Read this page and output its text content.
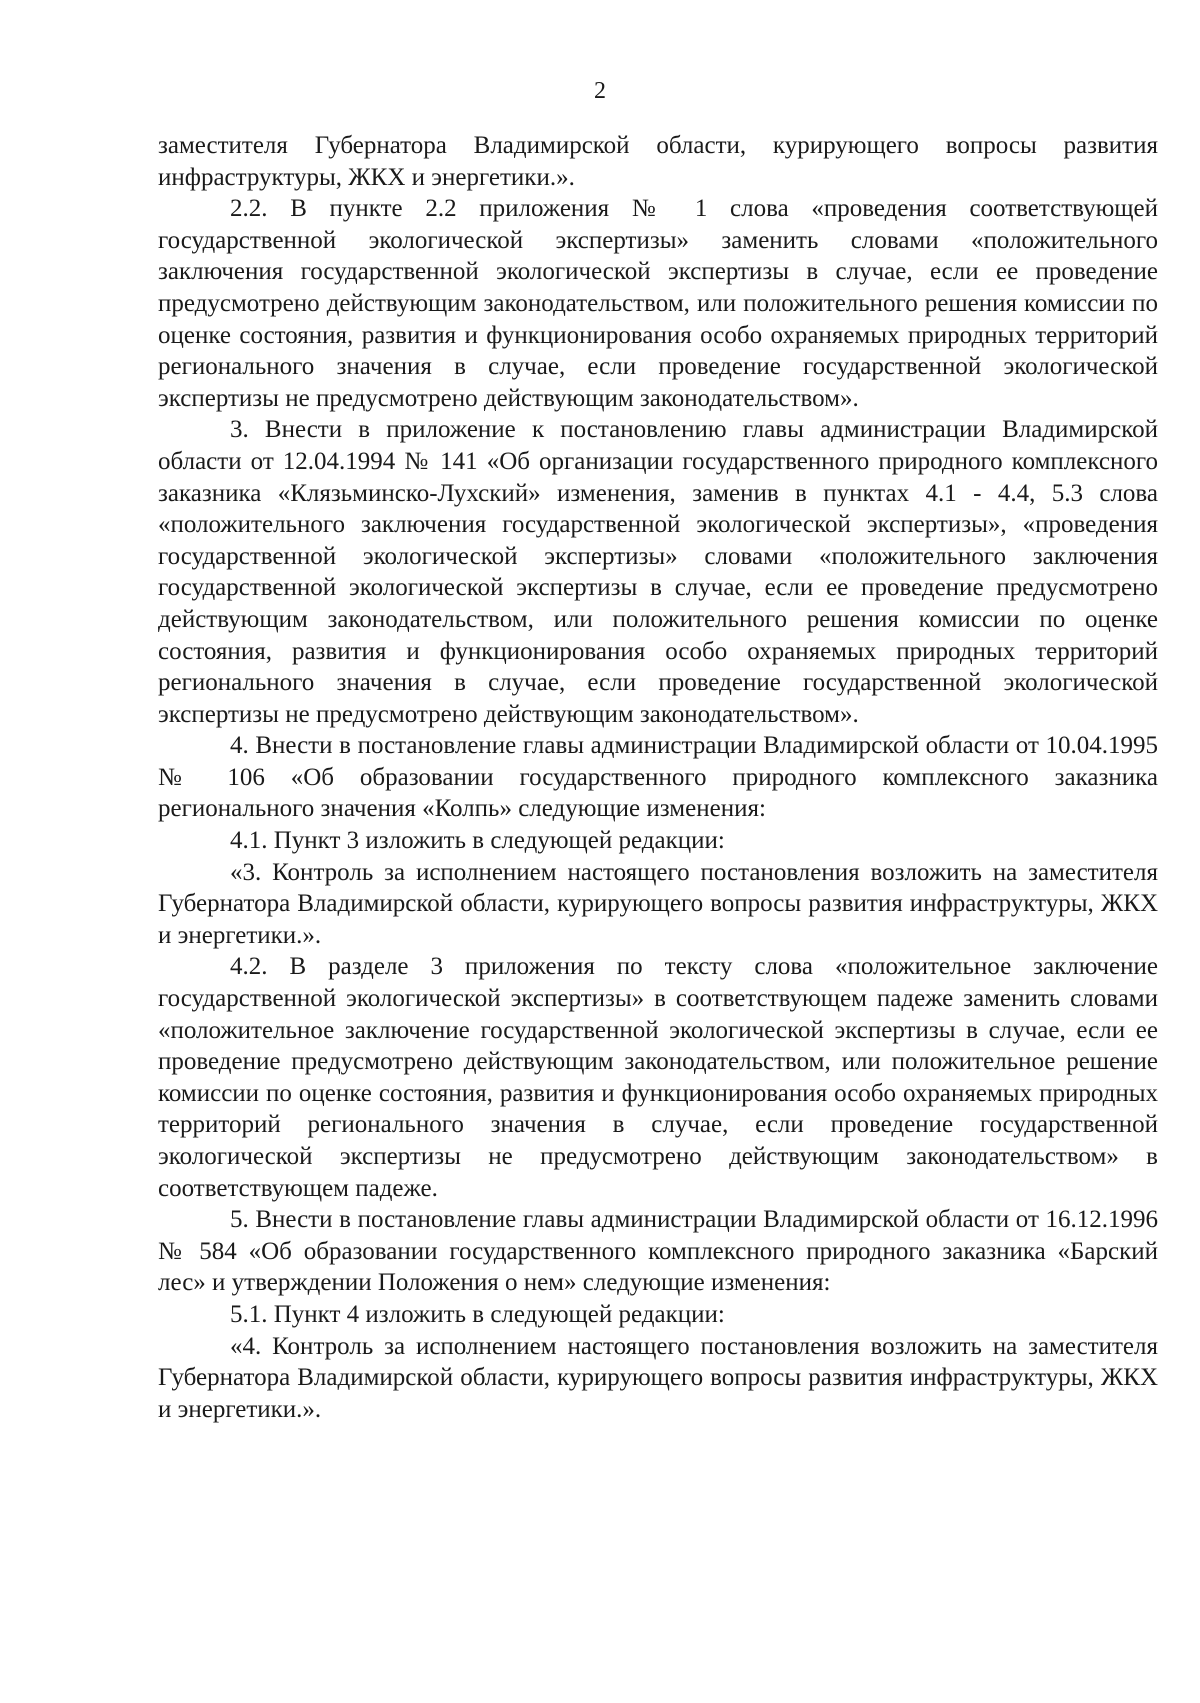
2

заместителя Губернатора Владимирской области, курирующего вопросы развития инфраструктуры, ЖКХ и энергетики.».

2.2. В пункте 2.2 приложения № 1 слова «проведения соответствующей государственной экологической экспертизы» заменить словами «положительного заключения государственной экологической экспертизы в случае, если ее проведение предусмотрено действующим законодательством, или положительного решения комиссии по оценке состояния, развития и функционирования особо охраняемых природных территорий регионального значения в случае, если проведение государственной экологической экспертизы не предусмотрено действующим законодательством».

3. Внести в приложение к постановлению главы администрации Владимирской области от 12.04.1994 № 141 «Об организации государственного природного комплексного заказника «Клязьминско-Лухский» изменения, заменив в пунктах 4.1 - 4.4, 5.3 слова «положительного заключения государственной экологической экспертизы», «проведения государственной экологической экспертизы» словами «положительного заключения государственной экологической экспертизы в случае, если ее проведение предусмотрено действующим законодательством, или положительного решения комиссии по оценке состояния, развития и функционирования особо охраняемых природных территорий регионального значения в случае, если проведение государственной экологической экспертизы не предусмотрено действующим законодательством».

4. Внести в постановление главы администрации Владимирской области от 10.04.1995 № 106 «Об образовании государственного природного комплексного заказника регионального значения «Колпь» следующие изменения:

4.1. Пункт 3 изложить в следующей редакции:

«3. Контроль за исполнением настоящего постановления возложить на заместителя Губернатора Владимирской области, курирующего вопросы развития инфраструктуры, ЖКХ и энергетики.».

4.2. В разделе 3 приложения по тексту слова «положительное заключение государственной экологической экспертизы» в соответствующем падеже заменить словами «положительное заключение государственной экологической экспертизы в случае, если ее проведение предусмотрено действующим законодательством, или положительное решение комиссии по оценке состояния, развития и функционирования особо охраняемых природных территорий регионального значения в случае, если проведение государственной экологической экспертизы не предусмотрено действующим законодательством» в соответствующем падеже.

5. Внести в постановление главы администрации Владимирской области от 16.12.1996 № 584 «Об образовании государственного комплексного природного заказника «Барский лес» и утверждении Положения о нем» следующие изменения:

5.1. Пункт 4 изложить в следующей редакции:

«4. Контроль за исполнением настоящего постановления возложить на заместителя Губернатора Владимирской области, курирующего вопросы развития инфраструктуры, ЖКХ и энергетики.».
